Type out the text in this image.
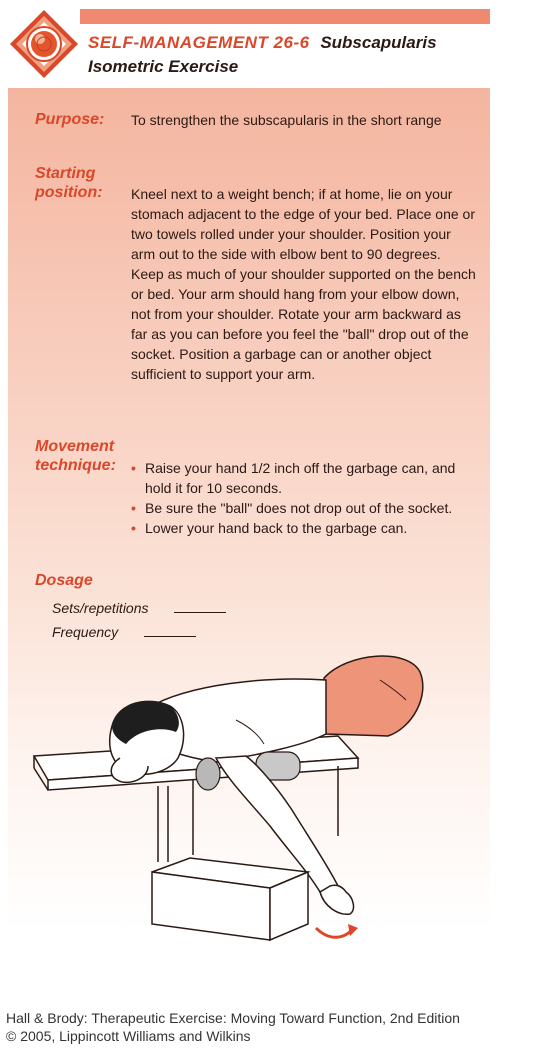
SELF-MANAGEMENT 26-6 Subscapularis
Isometric Exercise
Purpose: To strengthen the subscapularis in the short range
Starting
position: Kneel next to a weight bench; if at home, lie on your stomach adjacent to the edge of your bed. Place one or two towels rolled under your shoulder. Position your arm out to the side with elbow bent to 90 degrees. Keep as much of your shoulder supported on the bench or bed. Your arm should hang from your elbow down, not from your shoulder. Rotate your arm backward as far as you can before you feel the "ball" drop out of the socket. Position a garbage can or another object sufficient to support your arm.
Movement
technique: • Raise your hand 1/2 inch off the garbage can, and hold it for 10 seconds.
• Be sure the "ball" does not drop out of the socket.
• Lower your hand back to the garbage can.
Dosage
Sets/repetitions
Frequency
Hall & Brody: Therapeutic Exercise: Moving Toward Function, 2nd Edition
© 2005, Lippincott Williams and Wilkins
